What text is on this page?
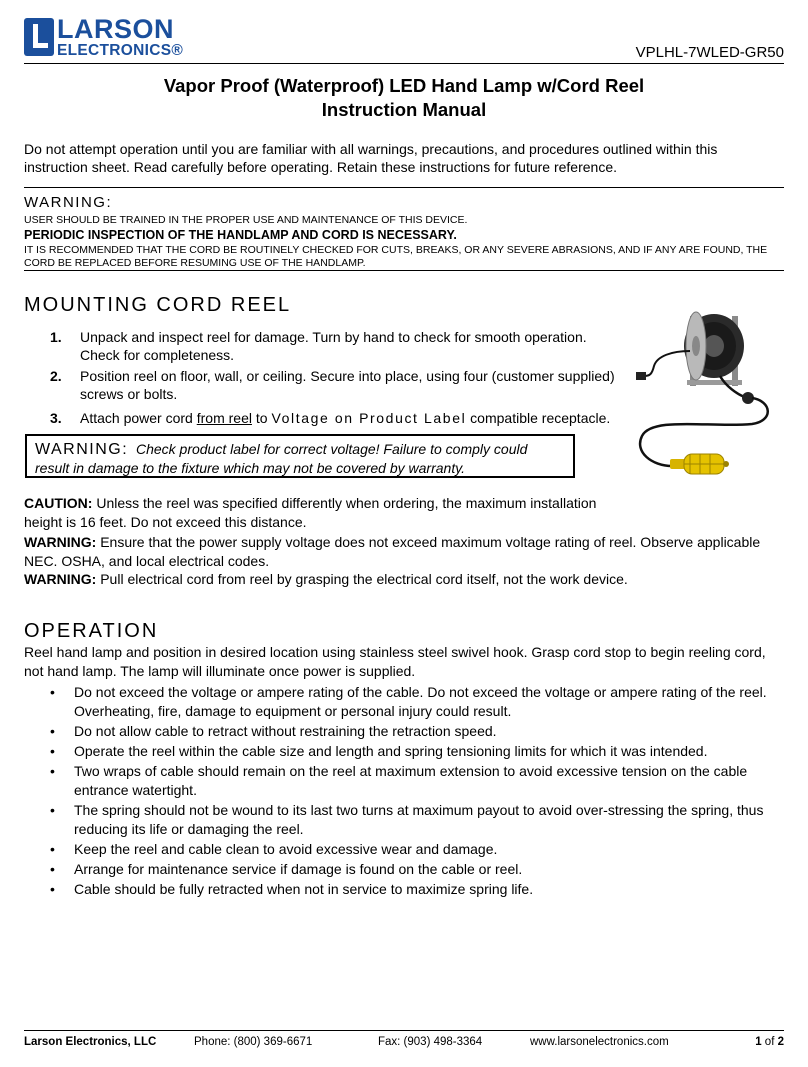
LARSON
ELECTRONICS®	VPLHL-7WLED-GR50
Vapor Proof (Waterproof) LED Hand Lamp w/Cord Reel
Instruction Manual
Do not attempt operation until you are familiar with all warnings, precautions, and procedures outlined within this instruction sheet. Read carefully before operating. Retain these instructions for future reference.
WARNING:
USER SHOULD BE TRAINED IN THE PROPER USE AND MAINTENANCE OF THIS DEVICE.
PERIODIC INSPECTION OF THE HANDLAMP AND CORD IS NECESSARY.
IT IS RECOMMENDED THAT THE CORD BE ROUTINELY CHECKED FOR CUTS, BREAKS, OR ANY SEVERE ABRASIONS, AND IF ANY ARE FOUND, THE CORD BE REPLACED BEFORE RESUMING USE OF THE HANDLAMP.
MOUNTING CORD REEL
1. Unpack and inspect reel for damage. Turn by hand to check for smooth operation. Check for completeness.
2. Position reel on floor, wall, or ceiling. Secure into place, using four (customer supplied) screws or bolts.
3. Attach power cord from reel to Voltage on Product Label compatible receptacle.
WARNING: Check product label for correct voltage! Failure to comply could result in damage to the fixture which may not be covered by warranty.
CAUTION: Unless the reel was specified differently when ordering, the maximum installation height is 16 feet. Do not exceed this distance.
WARNING: Ensure that the power supply voltage does not exceed maximum voltage rating of reel. Observe applicable NEC. OSHA, and local electrical codes.
WARNING: Pull electrical cord from reel by grasping the electrical cord itself, not the work device.
OPERATION
Reel hand lamp and position in desired location using stainless steel swivel hook. Grasp cord stop to begin reeling cord, not hand lamp. The lamp will illuminate once power is supplied.
• Do not exceed the voltage or ampere rating of the cable. Do not exceed the voltage or ampere rating of the reel. Overheating, fire, damage to equipment or personal injury could result.
• Do not allow cable to retract without restraining the retraction speed.
• Operate the reel within the cable size and length and spring tensioning limits for which it was intended.
• Two wraps of cable should remain on the reel at maximum extension to avoid excessive tension on the cable entrance watertight.
• The spring should not be wound to its last two turns at maximum payout to avoid over-stressing the spring, thus reducing its life or damaging the reel.
• Keep the reel and cable clean to avoid excessive wear and damage.
• Arrange for maintenance service if damage is found on the cable or reel.
• Cable should be fully retracted when not in service to maximize spring life.
Larson Electronics, LLC	Phone: (800) 369-6671	Fax: (903) 498-3364	www.larsonelectronics.com	1 of 2
